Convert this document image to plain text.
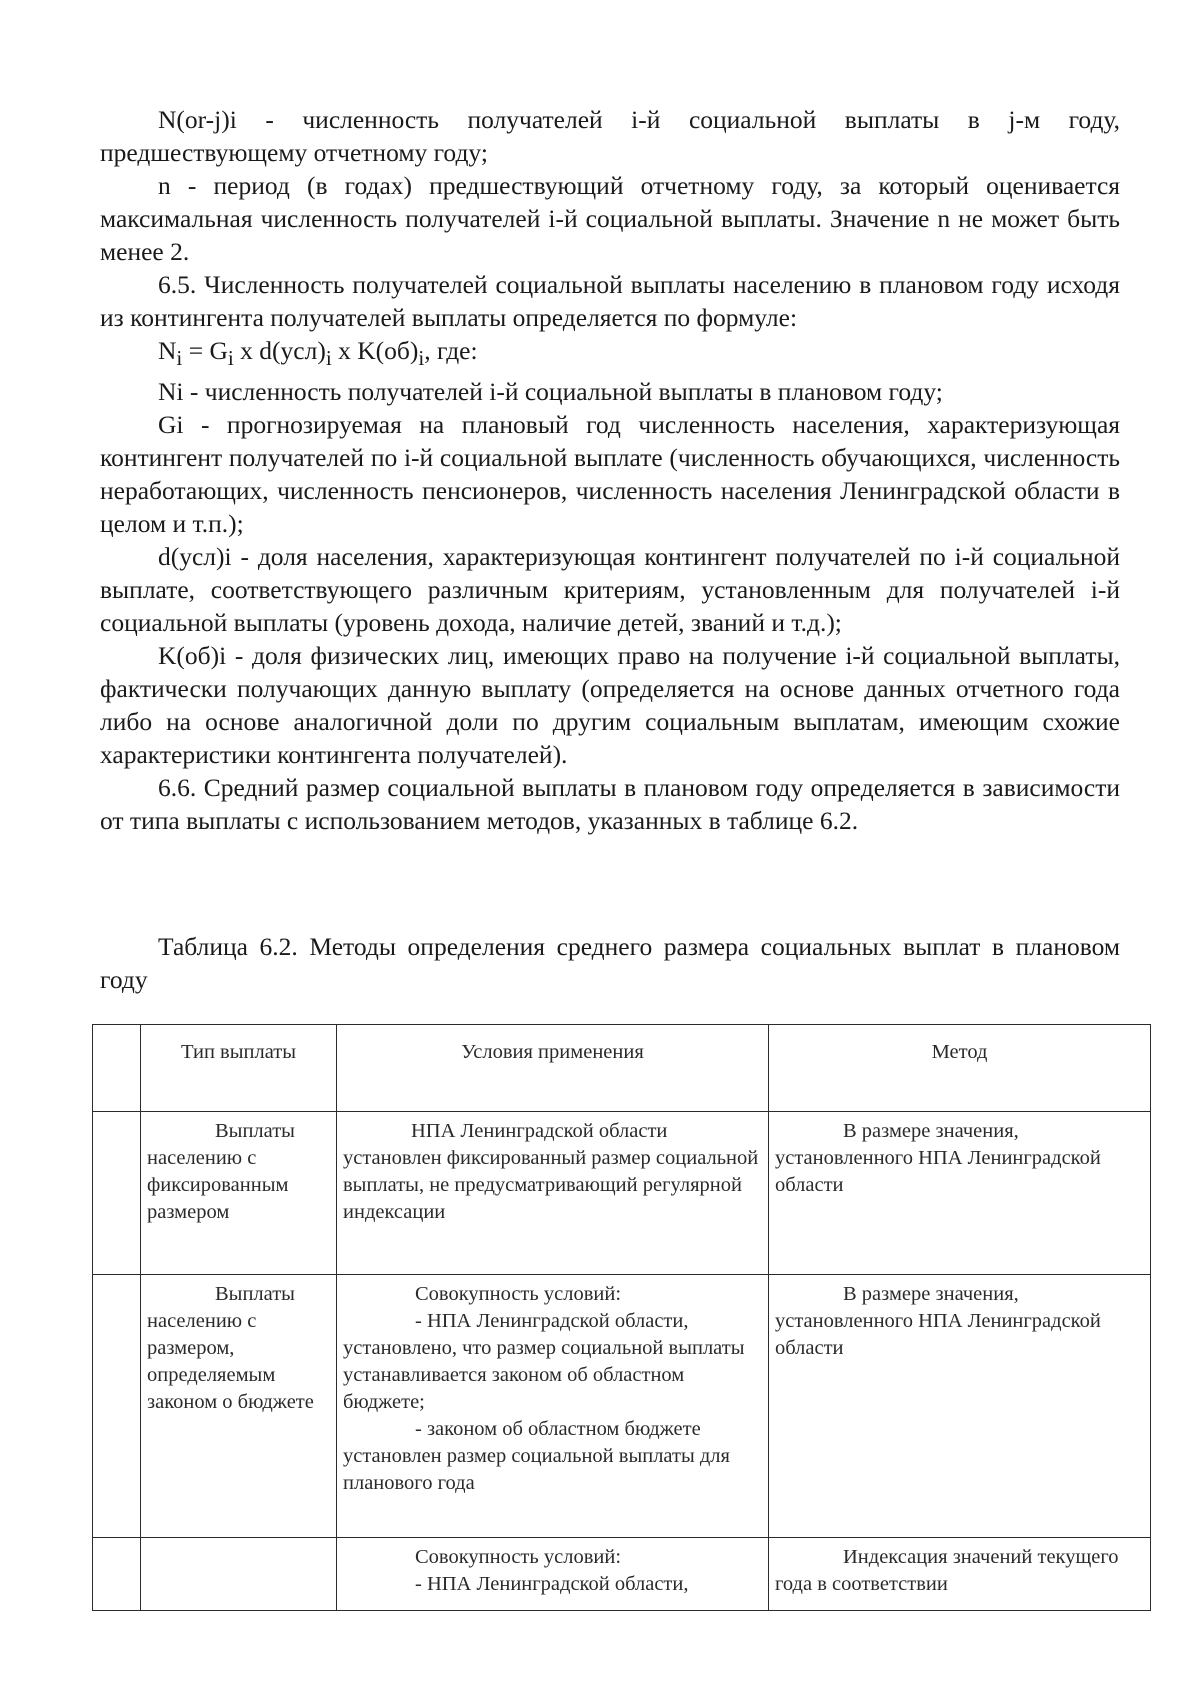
N(or-j)i - численность получателей i-й социальной выплаты в j-м году, предшествующему отчетному году;

n - период (в годах) предшествующий отчетному году, за который оценивается максимальная численность получателей i-й социальной выплаты. Значение n не может быть менее 2.

6.5. Численность получателей социальной выплаты населению в плановом году исходя из контингента получателей выплаты определяется по формуле:

$N_i = G_i$ x $d(усл)_i$ x $K(об)_i$, где:

Ni - численность получателей i-й социальной выплаты в плановом году;

Gi - прогнозируемая на плановый год численность населения, характеризующая контингент получателей по i-й социальной выплате (численность обучающихся, численность неработающих, численность пенсионеров, численность населения Ленинградской области в целом и т.п.);

d(усл)i - доля населения, характеризующая контингент получателей по i-й социальной выплате, соответствующего различным критериям, установленным для получателей i-й социальной выплаты (уровень дохода, наличие детей, званий и т.д.);

K(об)i - доля физических лиц, имеющих право на получение i-й социальной выплаты, фактически получающих данную выплату (определяется на основе данных отчетного года либо на основе аналогичной доли по другим социальным выплатам, имеющим схожие характеристики контингента получателей).

6.6. Средний размер социальной выплаты в плановом году определяется в зависимости от типа выплаты с использованием методов, указанных в таблице 6.2.

Таблица 6.2. Методы определения среднего размера социальных выплат в плановом году

	Тип выплаты	Условия применения	Метод

	Выплаты населению с фиксированным размером	НПА Ленинградской области установлен фиксированный размер социальной выплаты, не предусматривающий регулярной индексации	В размере значения, установленного НПА Ленинградской области

	Выплаты населению с размером, определяемым законом о бюджете	Совокупность условий:

- НПА Ленинградской области, установлено, что размер социальной выплаты устанавливается законом об областном бюджете;

- законом об областном бюджете установлен размер социальной выплаты для планового года	В размере значения, установленного НПА Ленинградской области

		Совокупность условий:

- НПА Ленинградской области,	Индексация значений текущего года в соответствии
